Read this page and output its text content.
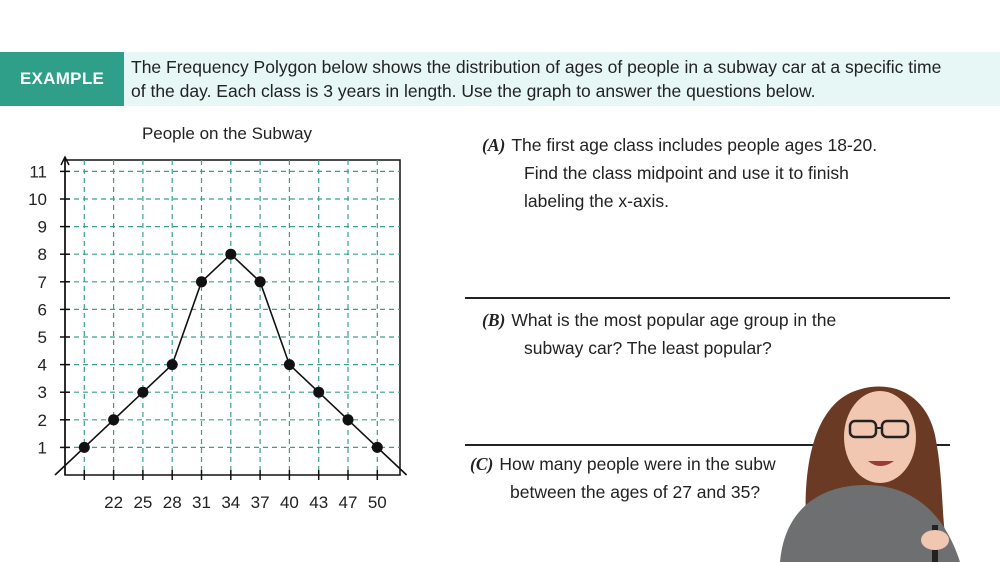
EXAMPLE
The Frequency Polygon below shows the distribution of ages of people in a subway car at a specific time
of the day. Each class is 3 years in length. Use the graph to answer the questions below.
People on the Subway
1
2
3
4
5
6
7
8
9
10
11
22 25 28 31 34 37 40 43 47 50
(A) The first age class includes people ages 18-20.
Find the class midpoint and use it to finish
labeling the x-axis.
(B) What is the most popular age group in the
subway car? The least popular?
(C) How many people were in the subw
between the ages of 27 and 35?
